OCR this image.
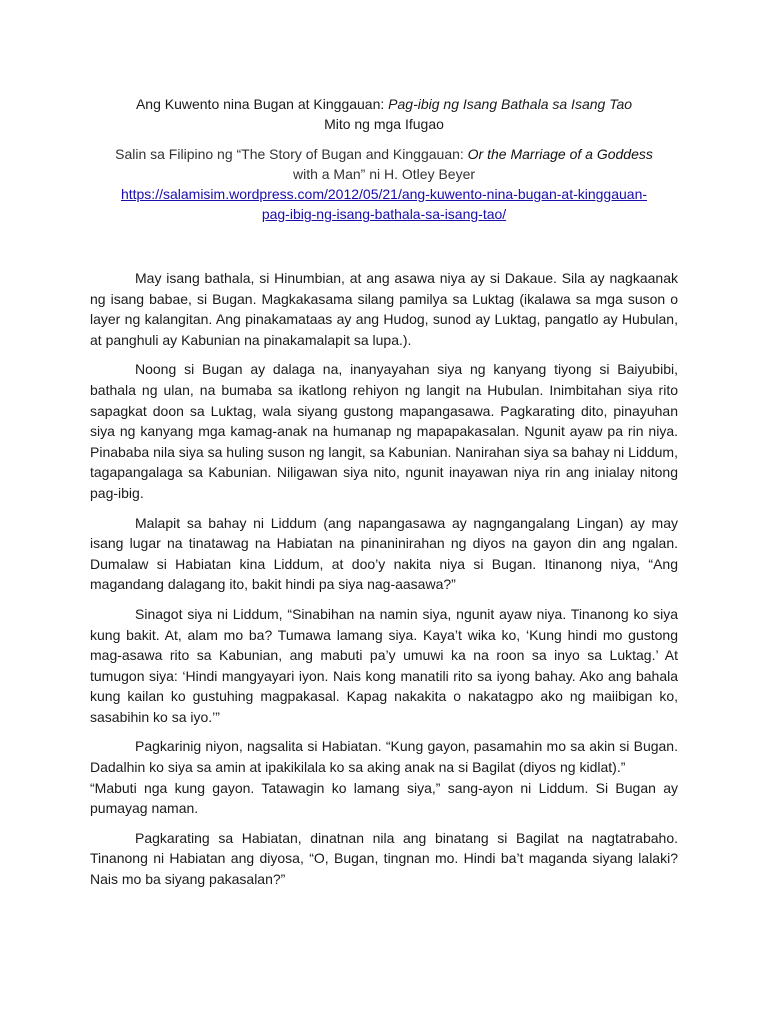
Ang Kuwento nina Bugan at Kinggauan: Pag-ibig ng Isang Bathala sa Isang Tao

Mito ng mga Ifugao

Salin sa Filipino ng “The Story of Bugan and Kinggauan: Or the Marriage of a Goddess

with a Man” ni H. Otley Beyer

https://salamisim.wordpress.com/2012/05/21/ang-kuwento-nina-bugan-at-kinggauan-

pag-ibig-ng-isang-bathala-sa-isang-tao/

May isang bathala, si Hinumbian, at ang asawa niya ay si Dakaue. Sila ay nagkaanak ng isang babae, si Bugan. Magkakasama silang pamilya sa Luktag (ikalawa sa mga suson o layer ng kalangitan. Ang pinakamataas ay ang Hudog, sunod ay Luktag, pangatlo ay Hubulan, at panghuli ay Kabunian na pinakamalapit sa lupa.).

Noong si Bugan ay dalaga na, inanyayahan siya ng kanyang tiyong si Baiyubibi, bathala ng ulan, na bumaba sa ikatlong rehiyon ng langit na Hubulan. Inimbitahan siya rito sapagkat doon sa Luktag, wala siyang gustong mapangasawa. Pagkarating dito, pinayuhan siya ng kanyang mga kamag-anak na humanap ng mapapakasalan. Ngunit ayaw pa rin niya. Pinababa nila siya sa huling suson ng langit, sa Kabunian. Nanirahan siya sa bahay ni Liddum, tagapangalaga sa Kabunian. Niligawan siya nito, ngunit inayawan niya rin ang inialay nitong pag-ibig.

Malapit sa bahay ni Liddum (ang napangasawa ay nagngangalang Lingan) ay may isang lugar na tinatawag na Habiatan na pinaninirahan ng diyos na gayon din ang ngalan. Dumalaw si Habiatan kina Liddum, at doo’y nakita niya si Bugan. Itinanong niya, “Ang magandang dalagang ito, bakit hindi pa siya nag-aasawa?”

Sinagot siya ni Liddum, “Sinabihan na namin siya, ngunit ayaw niya. Tinanong ko siya kung bakit. At, alam mo ba? Tumawa lamang siya. Kaya’t wika ko, ‘Kung hindi mo gustong mag-asawa rito sa Kabunian, ang mabuti pa’y umuwi ka na roon sa inyo sa Luktag.’ At tumugon siya: ‘Hindi mangyayari iyon. Nais kong manatili rito sa iyong bahay. Ako ang bahala kung kailan ko gustuhing magpakasal. Kapag nakakita o nakatagpo ako ng maiibigan ko, sasabihin ko sa iyo.’”

Pagkarinig niyon, nagsalita si Habiatan. “Kung gayon, pasamahin mo sa akin si Bugan. Dadalhin ko siya sa amin at ipakikilala ko sa aking anak na si Bagilat (diyos ng kidlat).”

“Mabuti nga kung gayon. Tatawagin ko lamang siya,” sang-ayon ni Liddum. Si Bugan ay pumayag naman.

Pagkarating sa Habiatan, dinatnan nila ang binatang si Bagilat na nagtatrabaho. Tinanong ni Habiatan ang diyosa, “O, Bugan, tingnan mo. Hindi ba’t maganda siyang lalaki? Nais mo ba siyang pakasalan?”
